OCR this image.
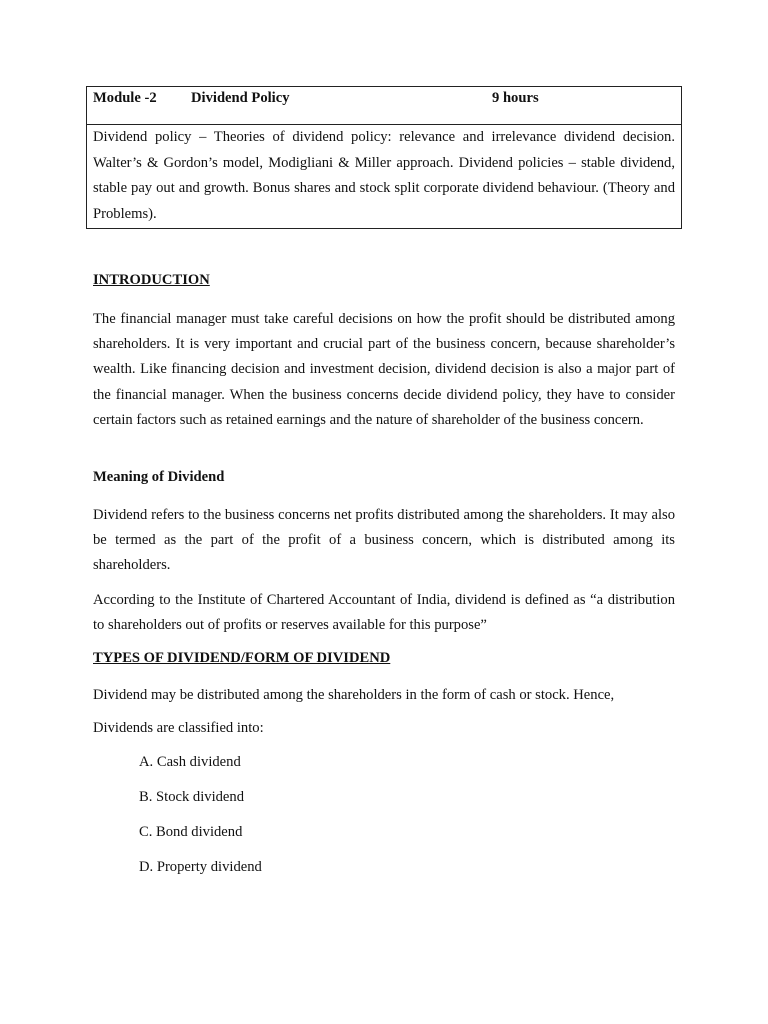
Module -2 Dividend Policy	9 hours
Dividend policy – Theories of dividend policy: relevance and irrelevance dividend decision. Walter’s & Gordon’s model, Modigliani & Miller approach. Dividend policies – stable dividend, stable pay out and growth. Bonus shares and stock split corporate dividend behaviour. (Theory and Problems).
INTRODUCTION
The financial manager must take careful decisions on how the profit should be distributed among shareholders. It is very important and crucial part of the business concern, because shareholder’s wealth. Like financing decision and investment decision, dividend decision is also a major part of the financial manager. When the business concerns decide dividend policy, they have to consider certain factors such as retained earnings and the nature of shareholder of the business concern.
Meaning of Dividend
Dividend refers to the business concerns net profits distributed among the shareholders. It may also be termed as the part of the profit of a business concern, which is distributed among its shareholders.
According to the Institute of Chartered Accountant of India, dividend is defined as “a distribution to shareholders out of profits or reserves available for this purpose”
TYPES OF DIVIDEND/FORM OF DIVIDEND
Dividend may be distributed among the shareholders in the form of cash or stock. Hence,
Dividends are classified into:
A. Cash dividend
B. Stock dividend
C. Bond dividend
D. Property dividend
